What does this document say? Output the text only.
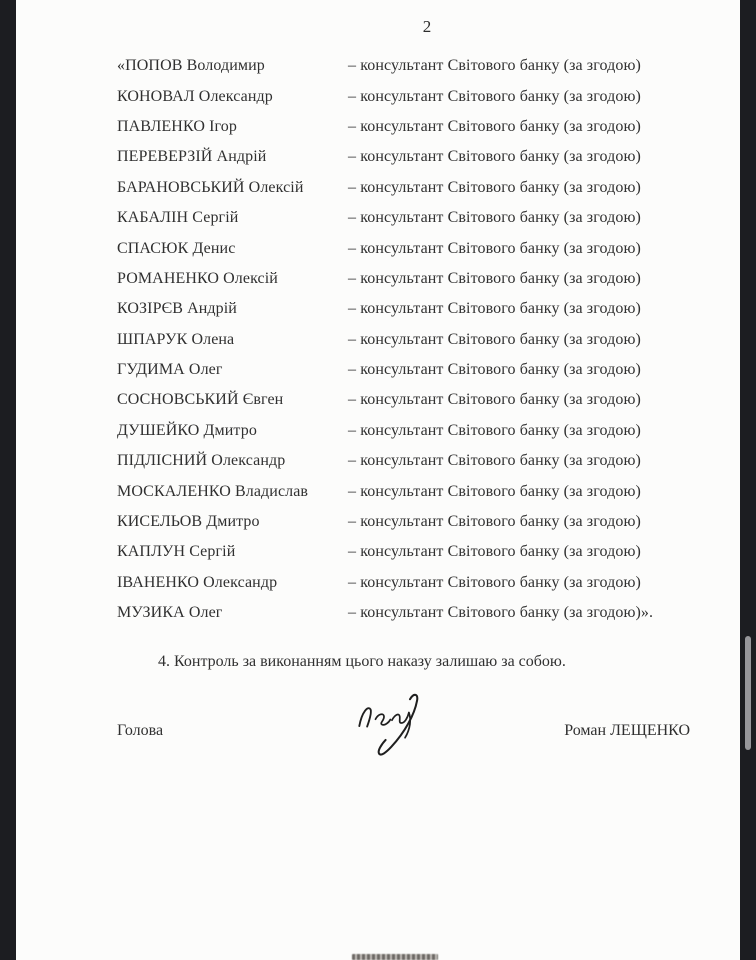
2
«ПОПОВ Володимир	– консультант Світового банку (за згодою)
КОНОВАЛ Олександр	– консультант Світового банку (за згодою)
ПАВЛЕНКО Ігор	– консультант Світового банку (за згодою)
ПЕРЕВЕРЗІЙ Андрій	– консультант Світового банку (за згодою)
БАРАНОВСЬКИЙ Олексій	– консультант Світового банку (за згодою)
КАБАЛІН Сергій	– консультант Світового банку (за згодою)
СПАСЮК Денис	– консультант Світового банку (за згодою)
РОМАНЕНКО Олексій	– консультант Світового банку (за згодою)
КОЗІРЄВ Андрій	– консультант Світового банку (за згодою)
ШПАРУК Олена	– консультант Світового банку (за згодою)
ГУДИМА Олег	– консультант Світового банку (за згодою)
СОСНОВСЬКИЙ Євген	– консультант Світового банку (за згодою)
ДУШЕЙКО Дмитро	– консультант Світового банку (за згодою)
ПІДЛІСНИЙ Олександр	– консультант Світового банку (за згодою)
МОСКАЛЕНКО Владислав	– консультант Світового банку (за згодою)
КИСЕЛЬОВ Дмитро	– консультант Світового банку (за згодою)
КАПЛУН Сергій	– консультант Світового банку (за згодою)
ІВАНЕНКО Олександр	– консультант Світового банку (за згодою)
МУЗИКА Олег	– консультант Світового банку (за згодою)».
4. Контроль за виконанням цього наказу залишаю за собою.
Голова	Роман ЛЕЩЕНКО
